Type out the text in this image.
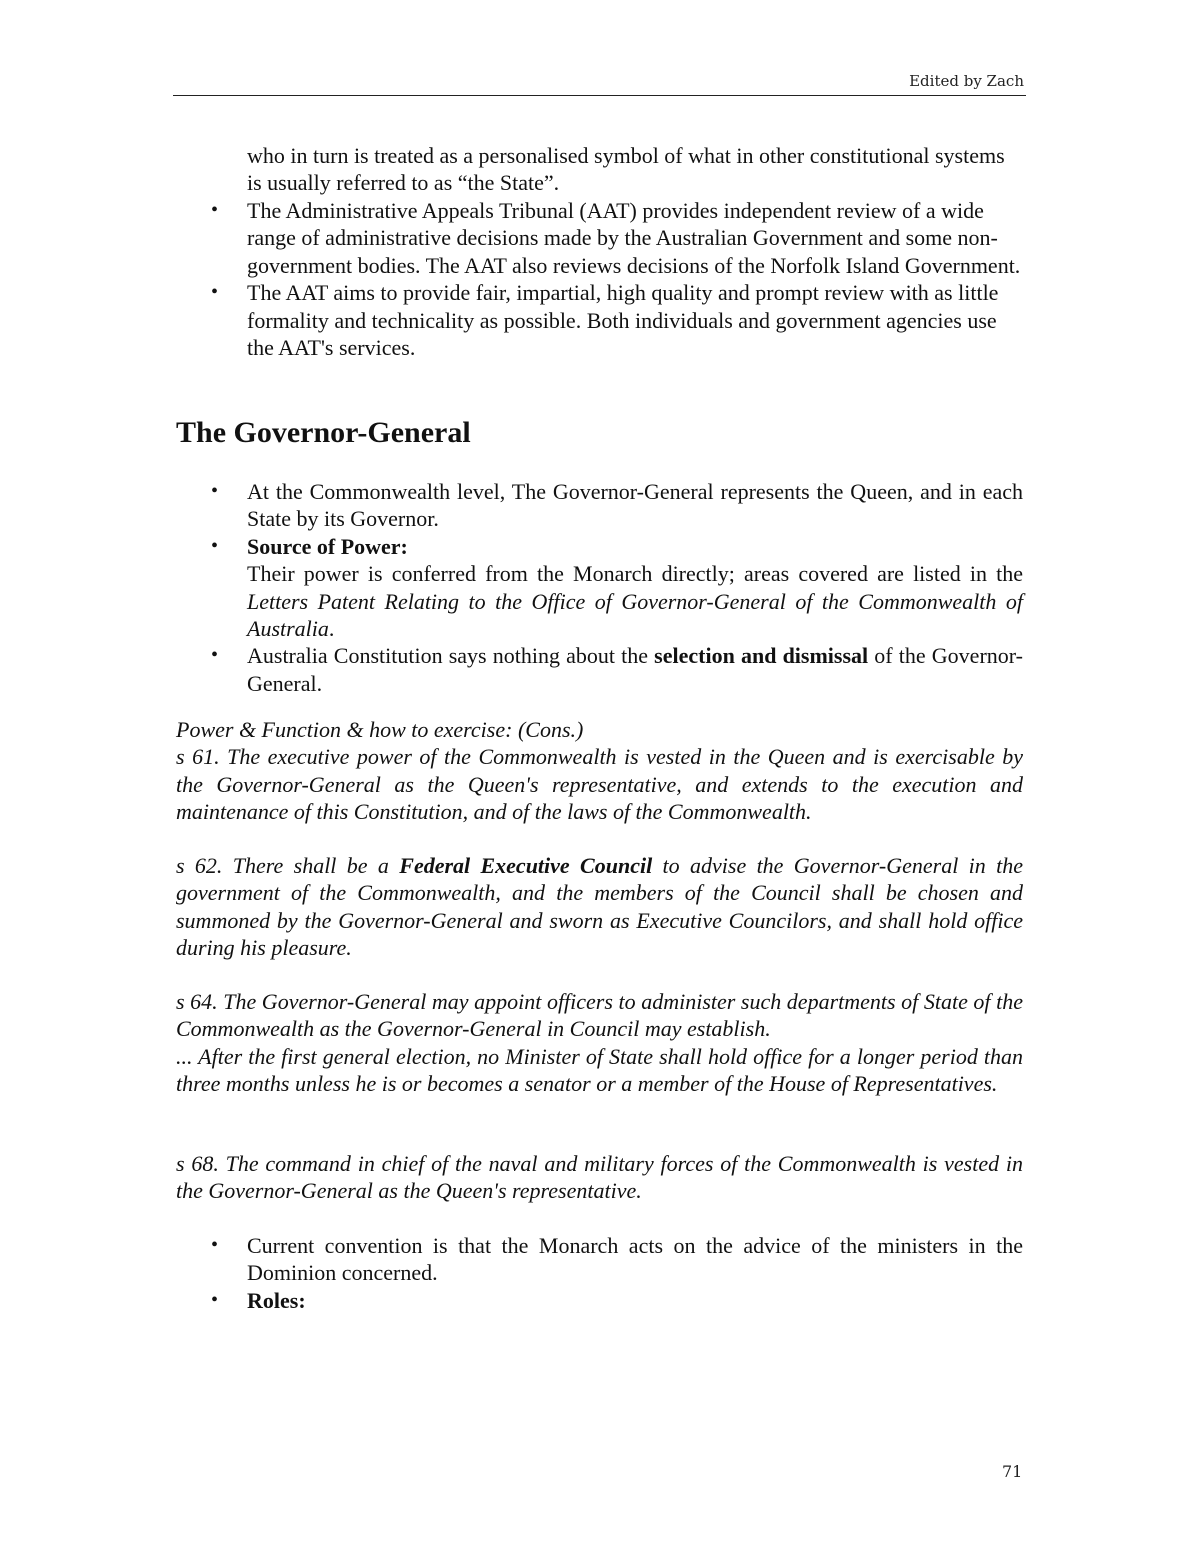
Edited by Zach
who in turn is treated as a personalised symbol of what in other constitutional systems is usually referred to as “the State”.
• The Administrative Appeals Tribunal (AAT) provides independent review of a wide range of administrative decisions made by the Australian Government and some non-government bodies. The AAT also reviews decisions of the Norfolk Island Government.
• The AAT aims to provide fair, impartial, high quality and prompt review with as little formality and technicality as possible. Both individuals and government agencies use the AAT's services.
The Governor-General
• At the Commonwealth level, The Governor-General represents the Queen, and in each State by its Governor.
• Source of Power:
Their power is conferred from the Monarch directly; areas covered are listed in the Letters Patent Relating to the Office of Governor-General of the Commonwealth of Australia.
• Australia Constitution says nothing about the selection and dismissal of the Governor-General.
Power & Function & how to exercise: (Cons.)
s 61. The executive power of the Commonwealth is vested in the Queen and is exercisable by the Governor-General as the Queen's representative, and extends to the execution and maintenance of this Constitution, and of the laws of the Commonwealth.
s 62. There shall be a Federal Executive Council to advise the Governor-General in the government of the Commonwealth, and the members of the Council shall be chosen and summoned by the Governor-General and sworn as Executive Councilors, and shall hold office during his pleasure.
s 64. The Governor-General may appoint officers to administer such departments of State of the Commonwealth as the Governor-General in Council may establish.
... After the first general election, no Minister of State shall hold office for a longer period than three months unless he is or becomes a senator or a member of the House of Representatives.
s 68. The command in chief of the naval and military forces of the Commonwealth is vested in the Governor-General as the Queen's representative.
• Current convention is that the Monarch acts on the advice of the ministers in the Dominion concerned.
• Roles:
71
